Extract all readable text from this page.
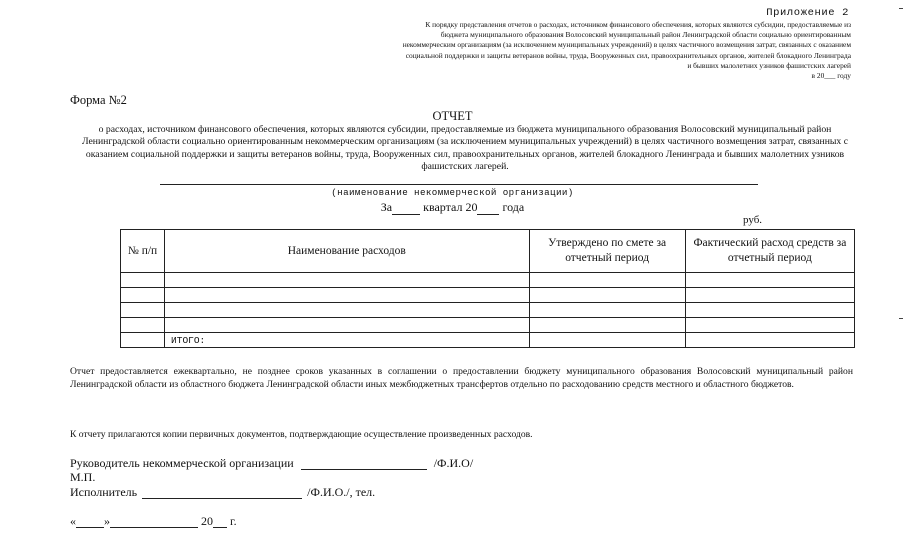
Приложение 2
К порядку представления отчетов о расходах, источником финансового обеспечения, которых являются субсидии, предоставляемые из
бюджета муниципального образования Волосовский муниципальный район Ленинградской области социально ориентированным
некоммерческим организациям (за исключением муниципальных учреждений) в целях частичного возмещения затрат, связанных с оказанием
социальной поддержки и защиты ветеранов войны, труда, Вооруженных сил, правоохранительных органов, жителей блокадного Ленинграда
и бывших малолетних узников фашистских лагерей
в 20___ году
Форма №2
ОТЧЕТ
о расходах, источником финансового обеспечения, которых являются субсидии, предоставляемые из бюджета муниципального образования Волосовский муниципальный район Ленинградской области социально ориентированным некоммерческим организациям (за исключением муниципальных учреждений) в целях частичного возмещения затрат, связанных с оказанием социальной поддержки и защиты ветеранов войны, труда, Вооруженных сил, правоохранительных органов, жителей блокадного Ленинграда и бывших малолетних узников фашистских лагерей.
(наименование некоммерческой организации)
За	квартал 20 года
руб.
№ п/п	Наименование расходов	Утверждено по смете за отчетный период	Фактический расход средств за отчетный период

	ИТОГО:		
Отчет предоставляется ежеквартально, не позднее сроков указанных в соглашении о предоставлении бюджету муниципального образования Волосовский муниципальный район Ленинградской области из областного бюджета Ленинградской области иных межбюджетных трансфертов отдельно по расходованию средств местного и областного бюджетов.
К отчету прилагаются копии первичных документов, подтверждающие осуществление произведенных расходов.
Руководитель некоммерческой организации	/Ф.И.О/
М.П.
Исполнитель	/Ф.И.О./, тел.
« »	20 г.
